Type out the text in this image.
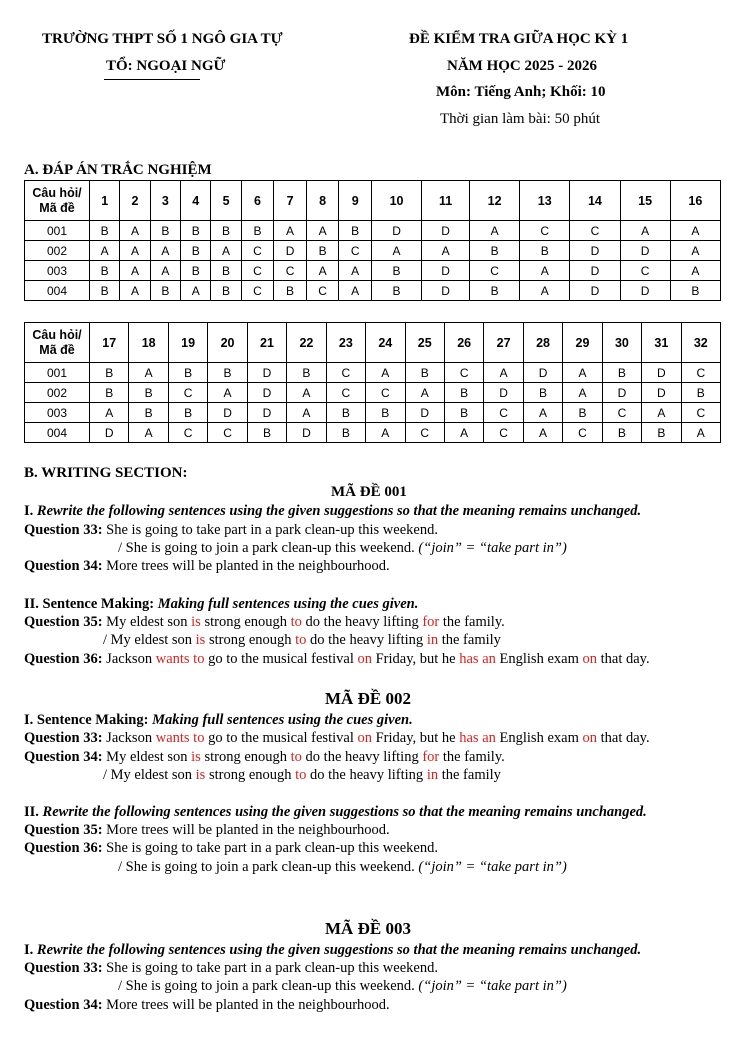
TRƯỜNG THPT SỐ 1 NGÔ GIA TỰ
TỔ: NGOẠI NGỮ
ĐỀ KIỂM TRA GIỮA HỌC KỲ 1
NĂM HỌC 2025 - 2026
Môn: Tiếng Anh; Khối: 10
Thời gian làm bài: 50 phút
A. ĐÁP ÁN TRẮC NGHIỆM
Câu hỏi/
Mã đề	1	2	3	4	5	6	7	8	9	10	11	12	13	14	15	16
001	B	A	B	B	B	B	A	A	B	D	D	A	C	C	A	A
002	A	A	A	B	A	C	D	B	C	A	A	B	B	D	D	A
003	B	A	A	B	B	C	C	A	A	B	D	C	A	D	C	A
004	B	A	B	A	B	C	B	C	A	B	D	B	A	D	D	B
Câu hỏi/
Mã đề	17	18	19	20	21	22	23	24	25	26	27	28	29	30	31	32
001	B	A	B	B	D	B	C	A	B	C	A	D	A	B	D	C
002	B	B	C	A	D	A	C	C	A	B	D	B	A	D	D	B
003	A	B	B	D	D	A	B	B	D	B	C	A	B	C	A	C
004	D	A	C	C	B	D	B	A	C	A	C	A	C	B	B	A
B. WRITING SECTION:
MÃ ĐỀ 001
I. Rewrite the following sentences using the given suggestions so that the meaning remains unchanged.
Question 33: She is going to take part in a park clean-up this weekend.
/ She is going to join a park clean-up this weekend. (“join” = “take part in”)
Question 34: More trees will be planted in the neighbourhood.
II. Sentence Making: Making full sentences using the cues given.
Question 35: My eldest son is strong enough to do the heavy lifting for the family.
/ My eldest son is strong enough to do the heavy lifting in the family
Question 36: Jackson wants to go to the musical festival on Friday, but he has an English exam on that day.
MÃ ĐỀ 002
I. Sentence Making: Making full sentences using the cues given.
Question 33: Jackson wants to go to the musical festival on Friday, but he has an English exam on that day.
Question 34: My eldest son is strong enough to do the heavy lifting for the family.
/ My eldest son is strong enough to do the heavy lifting in the family
II. Rewrite the following sentences using the given suggestions so that the meaning remains unchanged.
Question 35: More trees will be planted in the neighbourhood.
Question 36: She is going to take part in a park clean-up this weekend.
/ She is going to join a park clean-up this weekend. (“join” = “take part in”)
MÃ ĐỀ 003
I. Rewrite the following sentences using the given suggestions so that the meaning remains unchanged.
Question 33: She is going to take part in a park clean-up this weekend.
/ She is going to join a park clean-up this weekend. (“join” = “take part in”)
Question 34: More trees will be planted in the neighbourhood.
